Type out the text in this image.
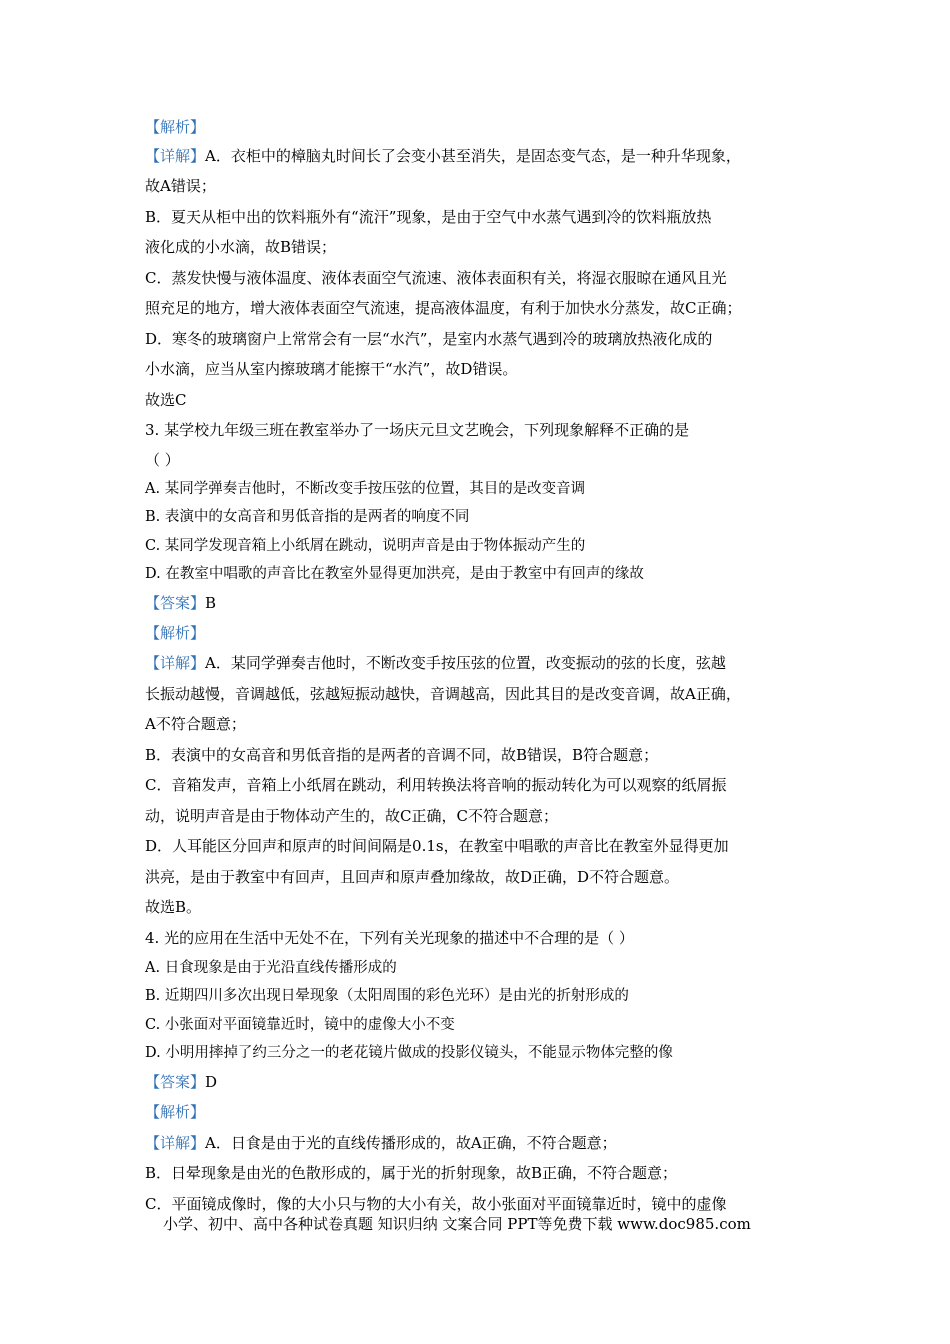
【解析】
【详解】A．衣柜中的樟脑丸时间长了会变小甚至消失，是固态变气态，是一种升华现象，
故A错误；
B．夏天从柜中出的饮料瓶外有“流汗”现象，是由于空气中水蒸气遇到冷的饮料瓶放热
液化成的小水滴，故B错误；
C．蒸发快慢与液体温度、液体表面空气流速、液体表面积有关，将湿衣服晾在通风且光
照充足的地方，增大液体表面空气流速，提高液体温度，有利于加快水分蒸发，故C正确；
D．寒冬的玻璃窗户上常常会有一层“水汽”，是室内水蒸气遇到冷的玻璃放热液化成的
小水滴，应当从室内擦玻璃才能擦干“水汽”，故D错误。
故选C
3. 某学校九年级三班在教室举办了一场庆元旦文艺晚会，下列现象解释不正确的是
（ ）
A. 某同学弹奏吉他时，不断改变手按压弦的位置，其目的是改变音调
B. 表演中的女高音和男低音指的是两者的响度不同
C. 某同学发现音箱上小纸屑在跳动，说明声音是由于物体振动产生的
D. 在教室中唱歌的声音比在教室外显得更加洪亮，是由于教室中有回声的缘故
【答案】B
【解析】
【详解】A．某同学弹奏吉他时，不断改变手按压弦的位置，改变振动的弦的长度，弦越
长振动越慢，音调越低，弦越短振动越快，音调越高，因此其目的是改变音调，故A正确，
A不符合题意；
B．表演中的女高音和男低音指的是两者的音调不同，故B错误，B符合题意；
C．音箱发声，音箱上小纸屑在跳动，利用转换法将音响的振动转化为可以观察的纸屑振
动，说明声音是由于物体动产生的，故C正确，C不符合题意；
D．人耳能区分回声和原声的时间间隔是0.1s，在教室中唱歌的声音比在教室外显得更加
洪亮，是由于教室中有回声，且回声和原声叠加缘故，故D正确，D不符合题意。
故选B。
4. 光的应用在生活中无处不在，下列有关光现象的描述中不合理的是（ ）
A. 日食现象是由于光沿直线传播形成的
B. 近期四川多次出现日晕现象（太阳周围的彩色光环）是由光的折射形成的
C. 小张面对平面镜靠近时，镜中的虚像大小不变
D. 小明用摔掉了约三分之一的老花镜片做成的投影仪镜头，不能显示物体完整的像
【答案】D
【解析】
【详解】A．日食是由于光的直线传播形成的，故A正确，不符合题意；
B．日晕现象是由光的色散形成的，属于光的折射现象，故B正确，不符合题意；
C．平面镜成像时，像的大小只与物的大小有关，故小张面对平面镜靠近时，镜中的虚像
小学、初中、高中各种试卷真题 知识归纳 文案合同 PPT等免费下载 www.doc985.com
